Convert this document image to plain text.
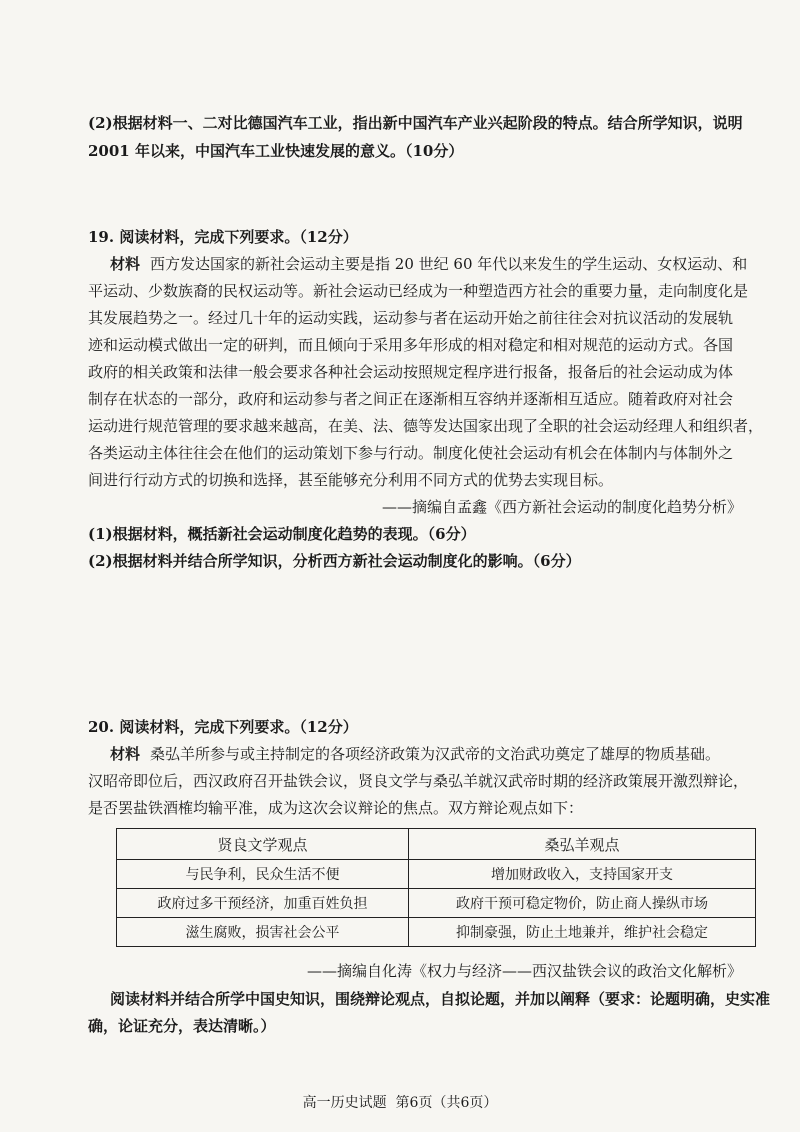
(2)根据材料一、二对比德国汽车工业，指出新中国汽车产业兴起阶段的特点。结合所学知识，说明
2001 年以来，中国汽车工业快速发展的意义。（10分）
19. 阅读材料，完成下列要求。（12分）
材料 西方发达国家的新社会运动主要是指 20 世纪 60 年代以来发生的学生运动、女权运动、和
平运动、少数族裔的民权运动等。新社会运动已经成为一种塑造西方社会的重要力量，走向制度化是
其发展趋势之一。经过几十年的运动实践，运动参与者在运动开始之前往往会对抗议活动的发展轨
迹和运动模式做出一定的研判，而且倾向于采用多年形成的相对稳定和相对规范的运动方式。各国
政府的相关政策和法律一般会要求各种社会运动按照规定程序进行报备，报备后的社会运动成为体
制存在状态的一部分，政府和运动参与者之间正在逐渐相互容纳并逐渐相互适应。随着政府对社会
运动进行规范管理的要求越来越高，在美、法、德等发达国家出现了全职的社会运动经理人和组织者，
各类运动主体往往会在他们的运动策划下参与行动。制度化使社会运动有机会在体制内与体制外之
间进行行动方式的切换和选择，甚至能够充分利用不同方式的优势去实现目标。
——摘编自孟鑫《西方新社会运动的制度化趋势分析》
(1)根据材料，概括新社会运动制度化趋势的表现。（6分）
(2)根据材料并结合所学知识，分析西方新社会运动制度化的影响。（6分）
20. 阅读材料，完成下列要求。（12分）
材料 桑弘羊所参与或主持制定的各项经济政策为汉武帝的文治武功奠定了雄厚的物质基础。
汉昭帝即位后，西汉政府召开盐铁会议，贤良文学与桑弘羊就汉武帝时期的经济政策展开激烈辩论，
是否罢盐铁酒榷均输平准，成为这次会议辩论的焦点。双方辩论观点如下：
贤良文学观点	桑弘羊观点
与民争利，民众生活不便	增加财政收入，支持国家开支
政府过多干预经济，加重百姓负担	政府干预可稳定物价，防止商人操纵市场
滋生腐败，损害社会公平	抑制豪强，防止土地兼并，维护社会稳定
——摘编自化涛《权力与经济——西汉盐铁会议的政治文化解析》
阅读材料并结合所学中国史知识，围绕辩论观点，自拟论题，并加以阐释（要求：论题明确，史实准
确，论证充分，表达清晰。）
高一历史试题 第6页（共6页）
